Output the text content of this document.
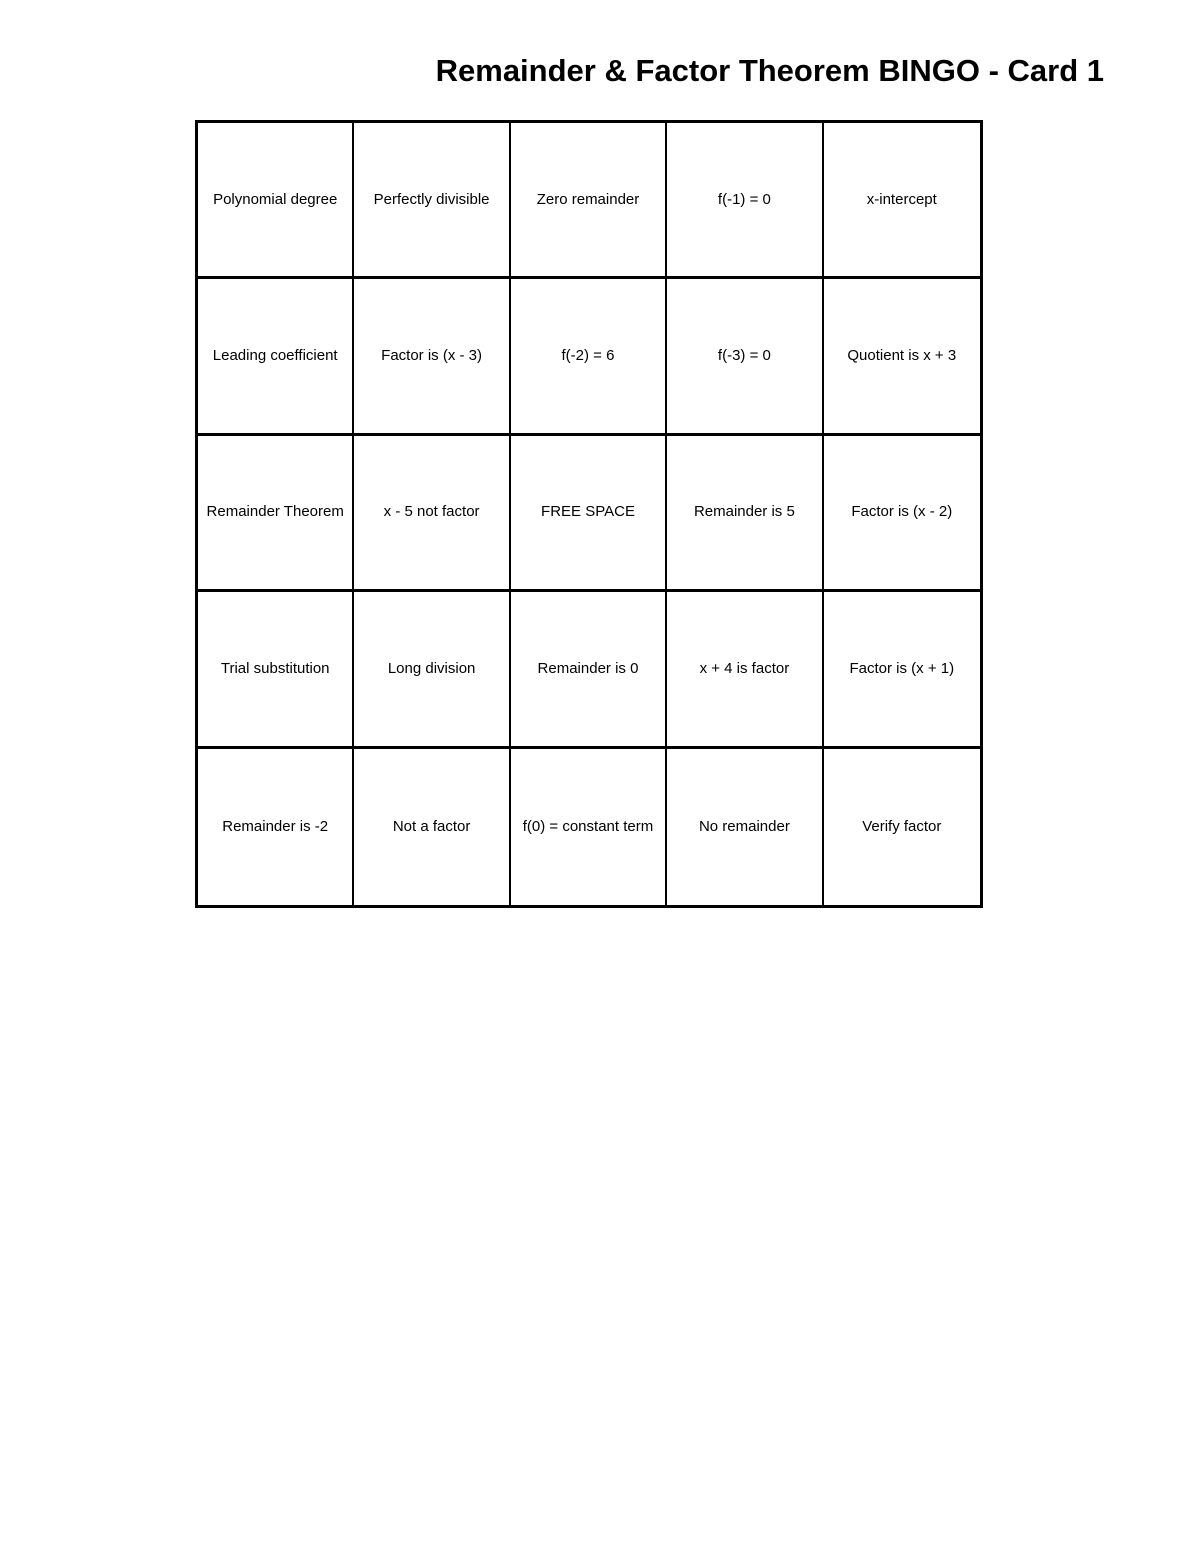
Remainder & Factor Theorem BINGO - Card 1
Polynomial degree	Perfectly divisible	Zero remainder	f(-1) = 0	x-intercept
Leading coefficient	Factor is (x - 3)	f(-2) = 6	f(-3) = 0	Quotient is x + 3
Remainder Theorem	x - 5 not factor	FREE SPACE	Remainder is 5	Factor is (x - 2)
Trial substitution	Long division	Remainder is 0	x + 4 is factor	Factor is (x + 1)
Remainder is -2	Not a factor	f(0) = constant term	No remainder	Verify factor
